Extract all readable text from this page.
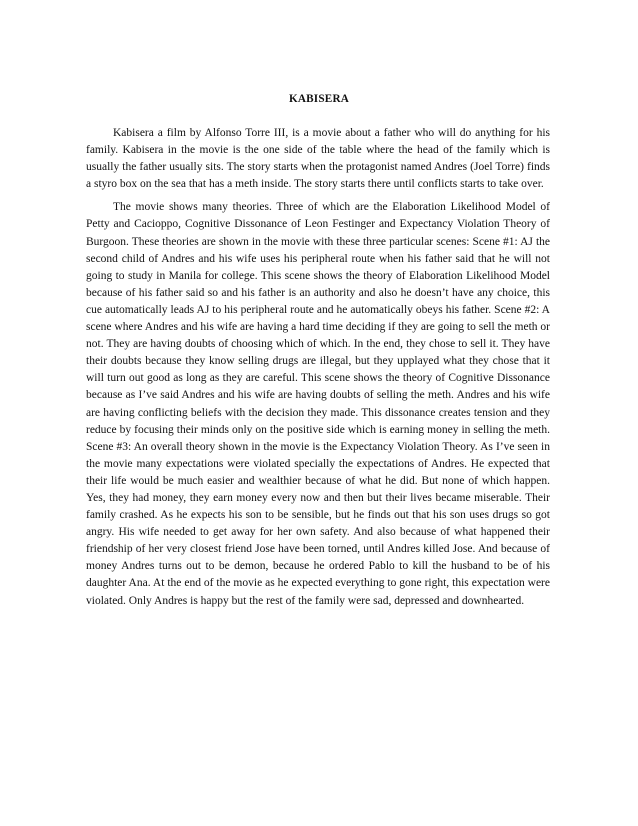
KABISERA

Kabisera a film by Alfonso Torre III, is a movie about a father who will do anything for his family. Kabisera in the movie is the one side of the table where the head of the family which is usually the father usually sits. The story starts when the protagonist named Andres (Joel Torre) finds a styro box on the sea that has a meth inside. The story starts there until conflicts starts to take over.

The movie shows many theories. Three of which are the Elaboration Likelihood Model of Petty and Cacioppo, Cognitive Dissonance of Leon Festinger and Expectancy Violation Theory of Burgoon. These theories are shown in the movie with these three particular scenes: Scene #1: AJ the second child of Andres and his wife uses his peripheral route when his father said that he will not going to study in Manila for college. This scene shows the theory of Elaboration Likelihood Model because of his father said so and his father is an authority and also he doesn’t have any choice, this cue automatically leads AJ to his peripheral route and he automatically obeys his father. Scene #2: A scene where Andres and his wife are having a hard time deciding if they are going to sell the meth or not. They are having doubts of choosing which of which. In the end, they chose to sell it. They have their doubts because they know selling drugs are illegal, but they upplayed what they chose that it will turn out good as long as they are careful. This scene shows the theory of Cognitive Dissonance because as I’ve said Andres and his wife are having doubts of selling the meth. Andres and his wife are having conflicting beliefs with the decision they made. This dissonance creates tension and they reduce by focusing their minds only on the positive side which is earning money in selling the meth. Scene #3: An overall theory shown in the movie is the Expectancy Violation Theory. As I’ve seen in the movie many expectations were violated specially the expectations of Andres. He expected that their life would be much easier and wealthier because of what he did. But none of which happen. Yes, they had money, they earn money every now and then but their lives became miserable. Their family crashed. As he expects his son to be sensible, but he finds out that his son uses drugs so got angry. His wife needed to get away for her own safety. And also because of what happened their friendship of her very closest friend Jose have been torned, until Andres killed Jose. And because of money Andres turns out to be demon, because he ordered Pablo to kill the husband to be of his daughter Ana. At the end of the movie as he expected everything to gone right, this expectation were violated. Only Andres is happy but the rest of the family were sad, depressed and downhearted.
